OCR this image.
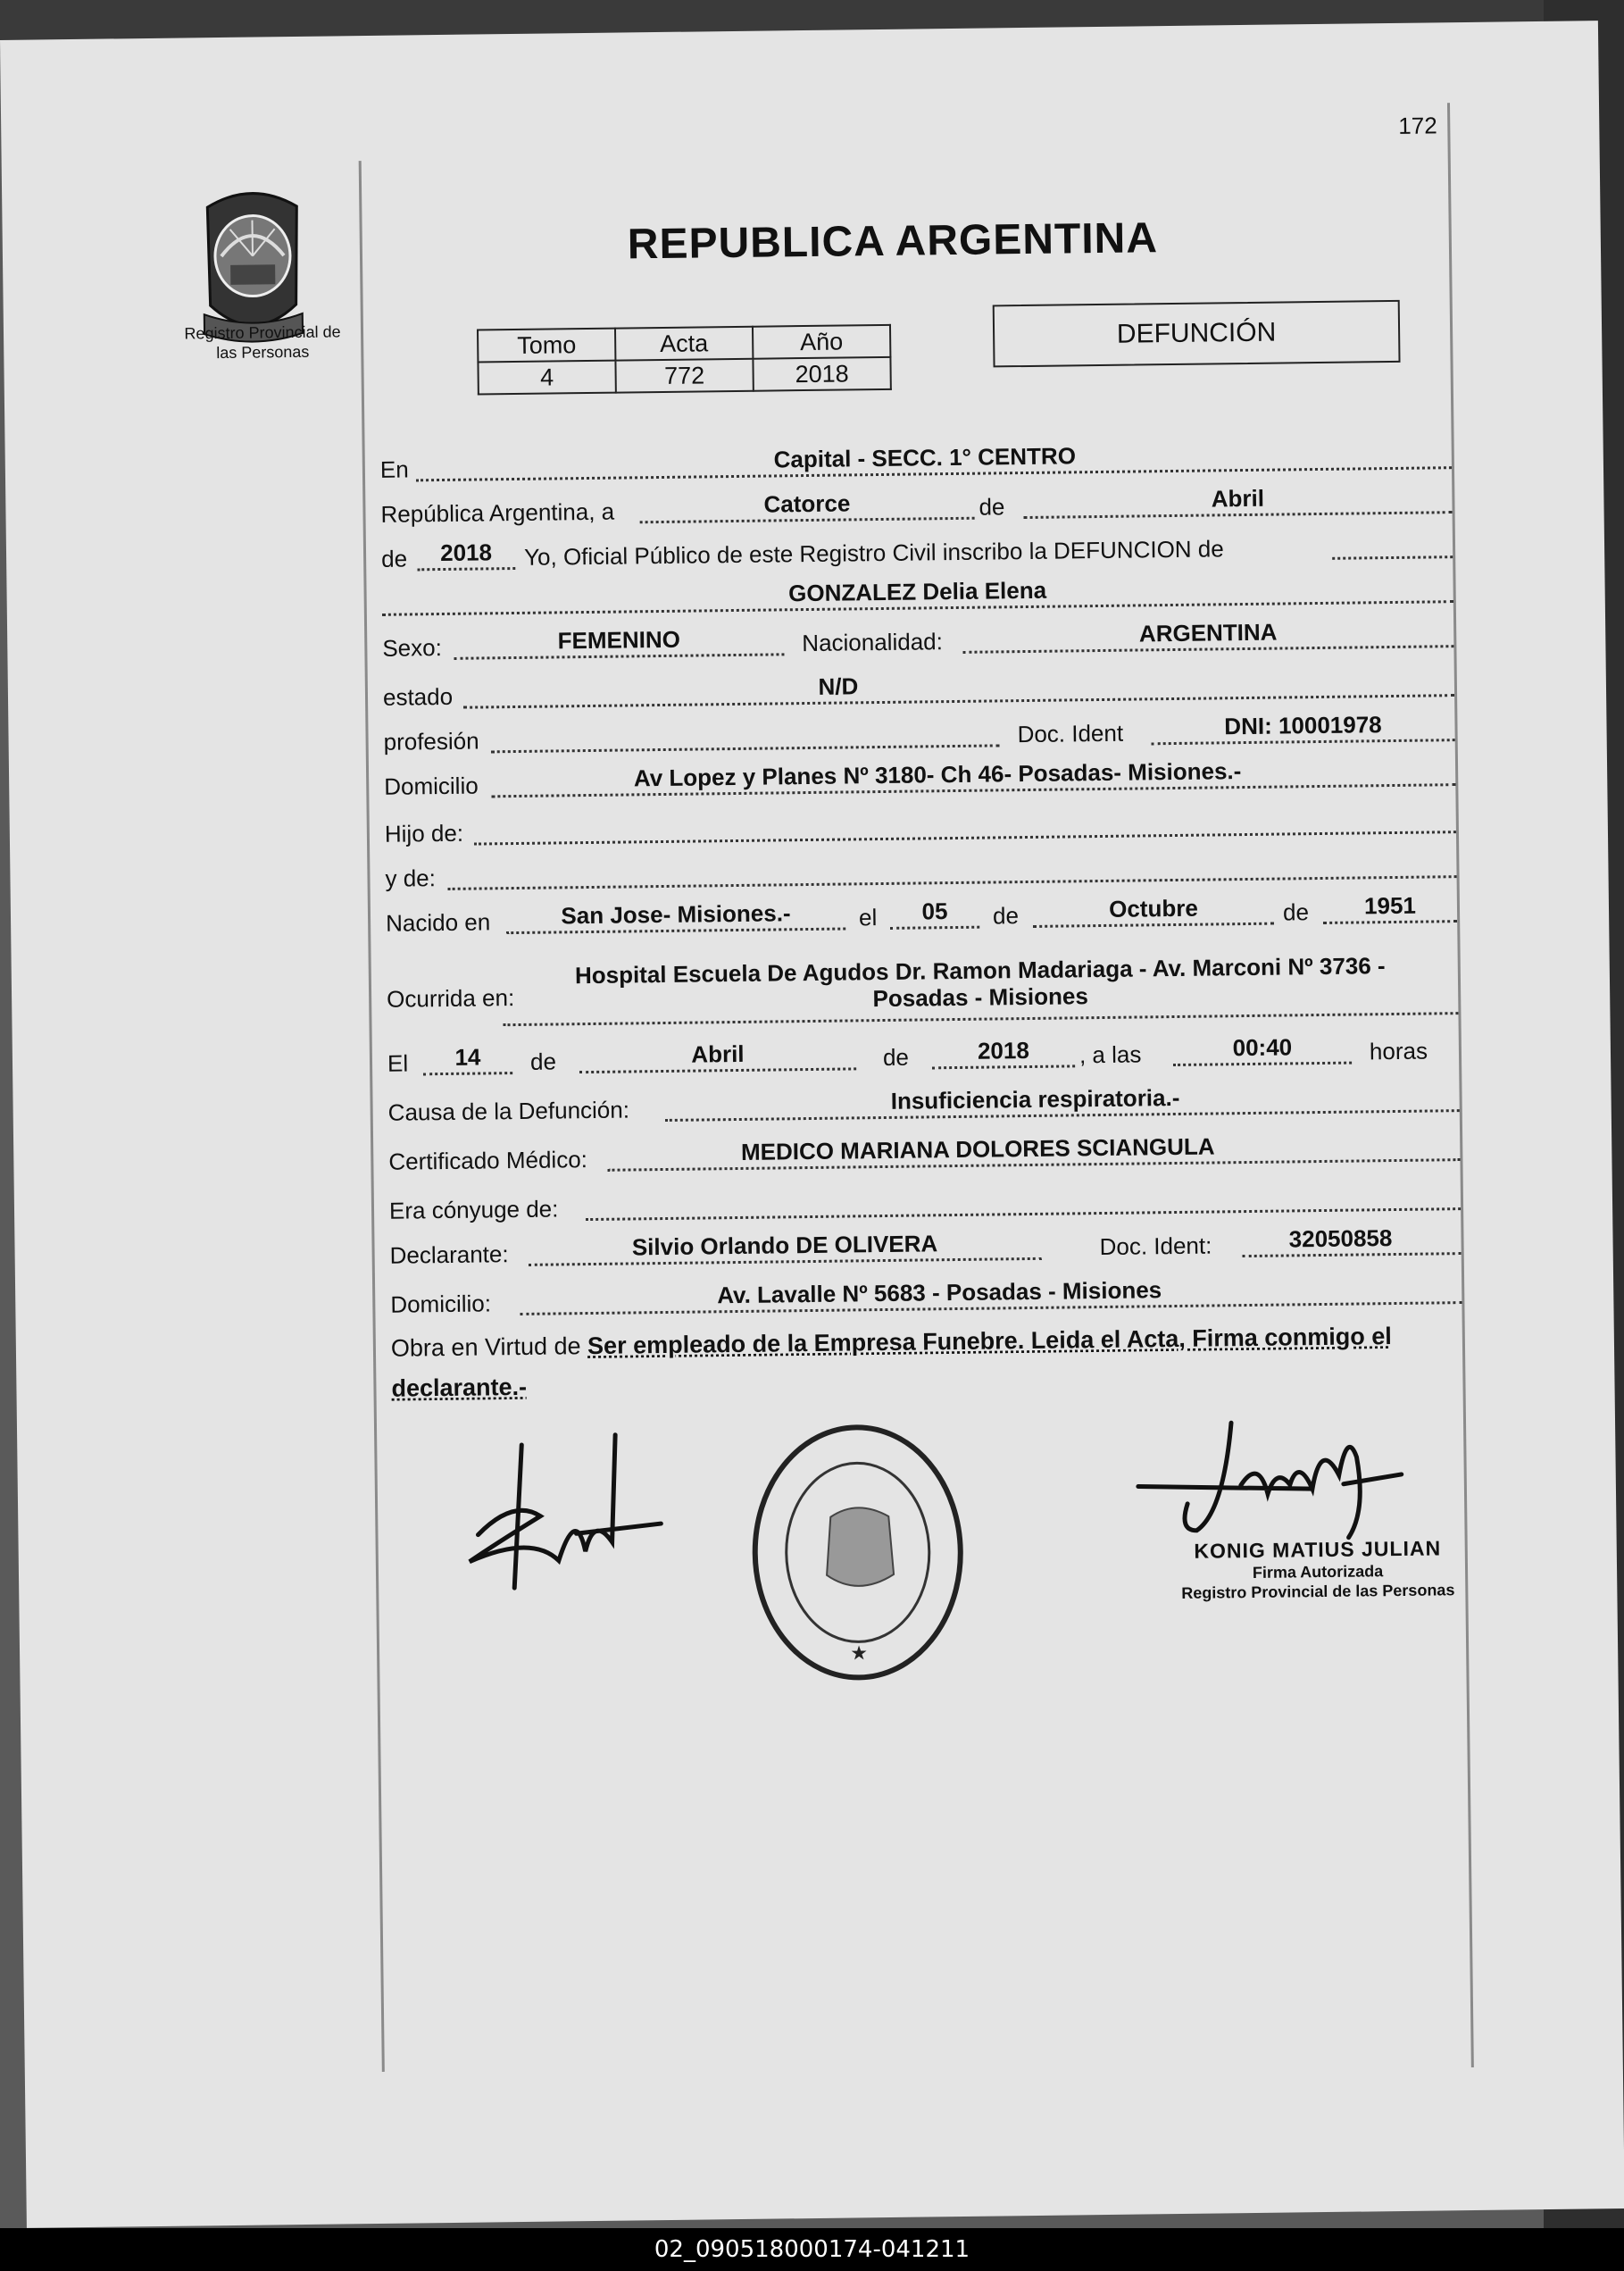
172
Registro Provincial de
las Personas
REPUBLICA ARGENTINA
Tomo	Acta	Año
4	772	2018
DEFUNCIÓN
En	Capital - SECC. 1° CENTRO
República Argentina, a	Catorce	de	Abril
de	2018	Yo, Oficial Público de este Registro Civil inscribo la DEFUNCION de
GONZALEZ Delia Elena
Sexo:	FEMENINO	Nacionalidad:	ARGENTINA
estado	N/D
profesión	Doc. Ident	DNI: 10001978
Domicilio	Av Lopez y Planes Nº 3180- Ch 46- Posadas- Misiones.-
Hijo de:
y de:
Nacido en	San Jose- Misiones.-	el	05	de	Octubre	de	1951
Ocurrida en:
Hospital Escuela De Agudos Dr. Ramon Madariaga - Av. Marconi Nº 3736 -
Posadas - Misiones
El	14	de	Abril	de	2018	, a las	00:40	horas
Causa de la Defunción:	Insuficiencia respiratoria.-
Certificado Médico:	MEDICO MARIANA DOLORES SCIANGULA
Era cónyuge de:
Declarante:	Silvio Orlando DE OLIVERA	Doc. Ident:	32050858
Domicilio:	Av. Lavalle Nº 5683 - Posadas - Misiones
Obra en Virtud de Ser empleado de la Empresa Funebre. Leida el Acta, Firma conmigo el
declarante.-
★
KONIG MATIUS JULIAN
Firma Autorizada
Registro Provincial de las Personas
02_090518000174-041211
